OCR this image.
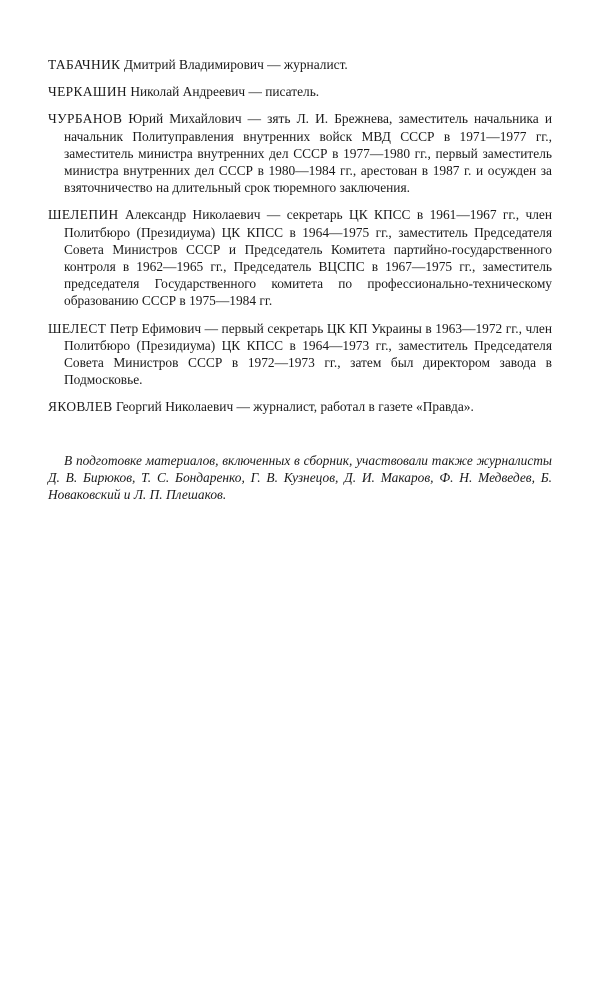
ТАБАЧНИК Дмитрий Владимирович — журналист.

ЧЕРКАШИН Николай Андреевич — писатель.

ЧУРБАНОВ Юрий Михайлович — зять Л. И. Брежнева, заместитель начальника и начальник Политуправления внутренних войск МВД СССР в 1971—1977 гг., заместитель министра внутренних дел СССР в 1977—1980 гг., первый заместитель министра внутренних дел СССР в 1980—1984 гг., арестован в 1987 г. и осужден за взяточничество на длительный срок тюремного заключения.

ШЕЛЕПИН Александр Николаевич — секретарь ЦК КПСС в 1961—1967 гг., член Политбюро (Президиума) ЦК КПСС в 1964—1975 гг., заместитель Председателя Совета Министров СССР и Председатель Комитета партийно-государственного контроля в 1962—1965 гг., Председатель ВЦСПС в 1967—1975 гг., заместитель председателя Государственного комитета по профессионально-техническому образованию СССР в 1975—1984 гг.

ШЕЛЕСТ Петр Ефимович — первый секретарь ЦК КП Украины в 1963—1972 гг., член Политбюро (Президиума) ЦК КПСС в 1964—1973 гг., заместитель Председателя Совета Министров СССР в 1972—1973 гг., затем был директором завода в Подмосковье.

ЯКОВЛЕВ Георгий Николаевич — журналист, работал в газете «Правда».

В подготовке материалов, включенных в сборник, участвовали также журналисты Д. В. Бирюков, Т. С. Бондаренко, Г. В. Кузнецов, Д. И. Макаров, Ф. Н. Медведев, Б. Новаковский и Л. П. Плешаков.
